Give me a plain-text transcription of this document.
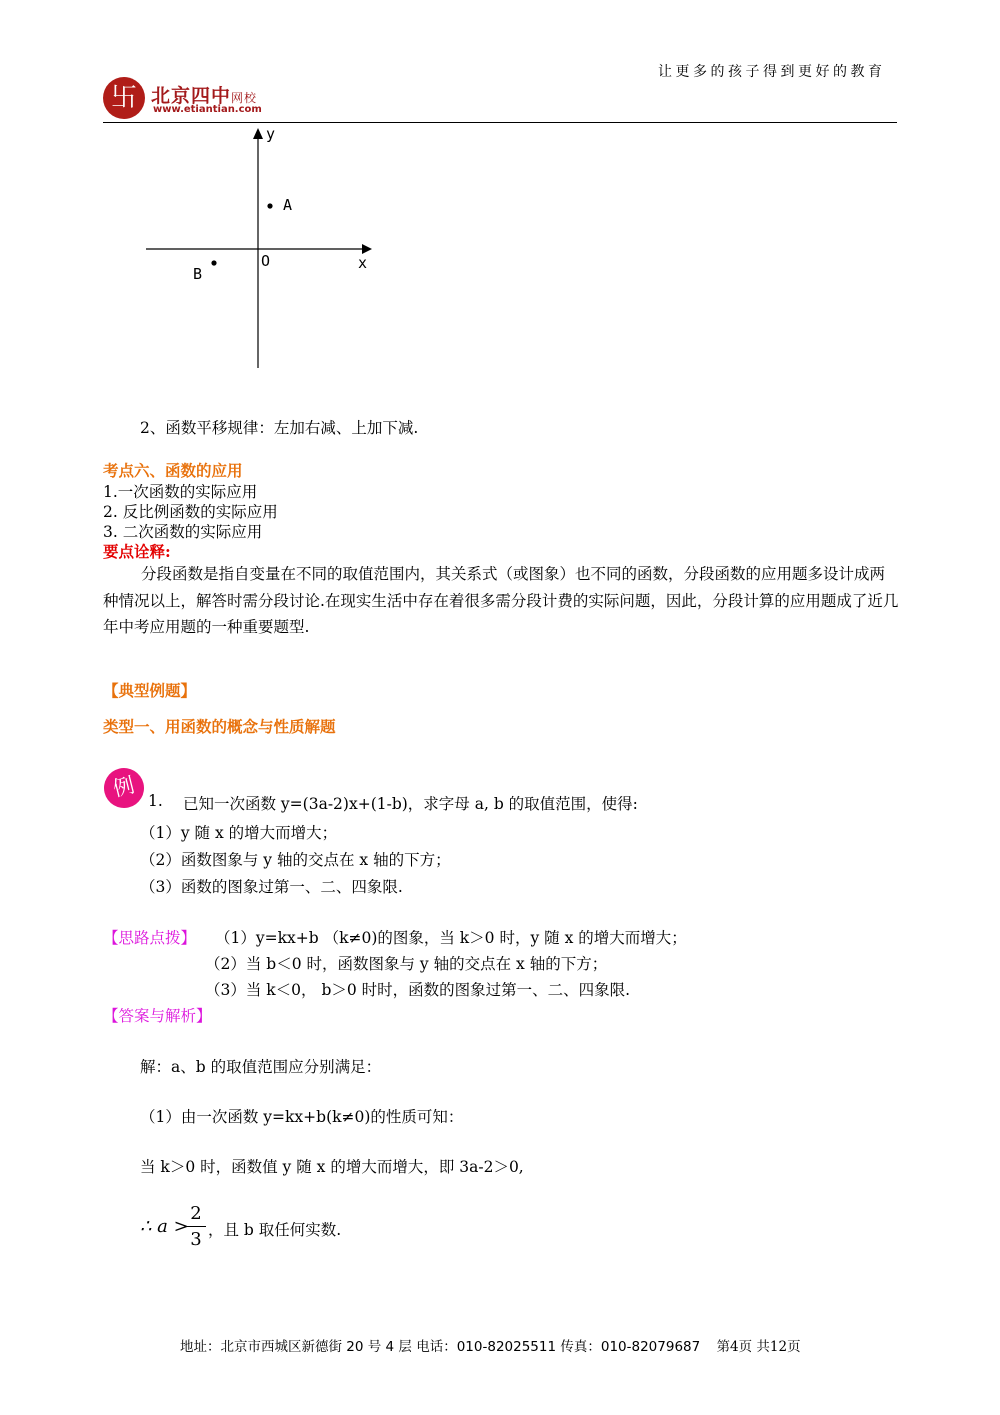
让更多的孩子得到更好的教育
卐 北京四中网校
www.etiantian.com
y
x
O
A
B
2、函数平移规律：左加右减、上加下减.
考点六、函数的应用
1.一次函数的实际应用
2. 反比例函数的实际应用
3. 二次函数的实际应用
要点诠释:
分段函数是指自变量在不同的取值范围内，其关系式（或图象）也不同的函数，分段函数的应用题多设计成两种情况以上，解答时需分段讨论.在现实生活中存在着很多需分段计费的实际问题，因此，分段计算的应用题成了近几年中考应用题的一种重要题型.
【典型例题】
类型一、用函数的概念与性质解题
例 1. 已知一次函数 y=(3a-2)x+(1-b)，求字母 a, b 的取值范围，使得:
（1）y 随 x 的增大而增大；
（2）函数图象与 y 轴的交点在 x 轴的下方；
（3）函数的图象过第一、二、四象限.
【思路点拨】 （1）y=kx+b （k≠0)的图象，当 k＞0 时，y 随 x 的增大而增大；
（2）当 b＜0 时，函数图象与 y 轴的交点在 x 轴的下方；
（3）当 k＜0， b＞0 时时，函数的图象过第一、二、四象限.
【答案与解析】
解：a、b 的取值范围应分别满足：
（1）由一次函数 y=kx+b(k≠0)的性质可知：
当 k＞0 时，函数值 y 随 x 的增大而增大，即 3a-2＞0,
∴ a >
2
3 ，且 b 取任何实数.
地址：北京市西城区新德街 20 号 4 层 电话：010-82025511 传真：010-82079687 第4页 共12页
